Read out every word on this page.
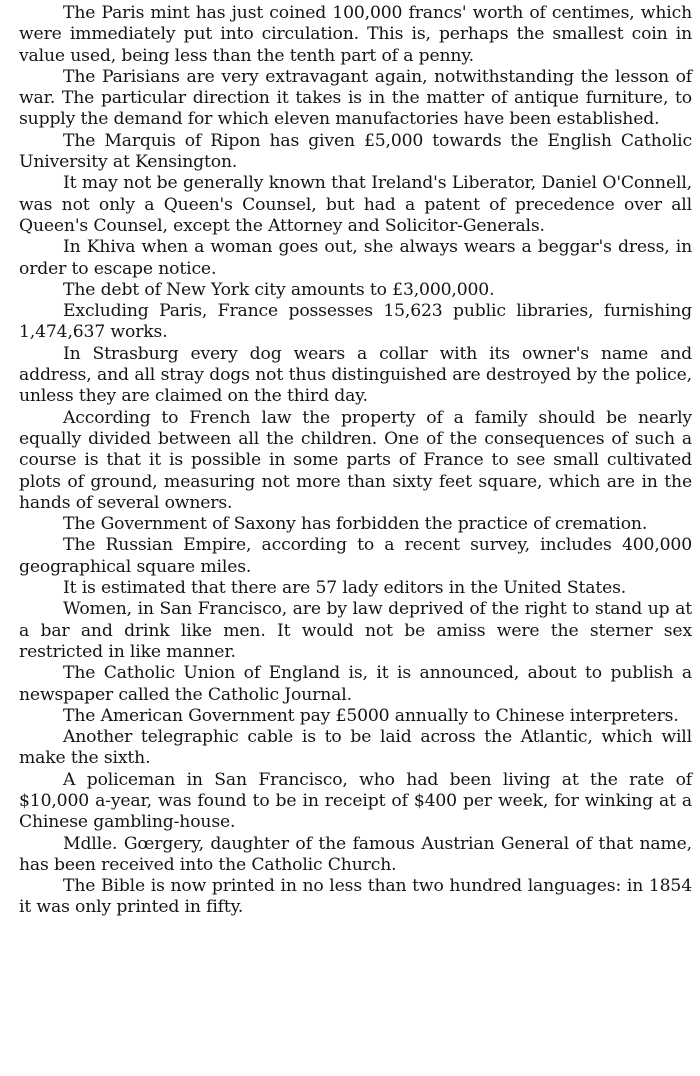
The Paris mint has just coined 100,000 francs' worth of centimes, which were immediately put into circulation. This is, perhaps the smallest coin in value used, being less than the tenth part of a penny.

The Parisians are very extravagant again, notwithstanding the lesson of war. The particular direction it takes is in the matter of antique furniture, to supply the demand for which eleven manufactories have been established.

The Marquis of Ripon has given £5,000 towards the English Catholic University at Kensington.

It may not be generally known that Ireland's Liberator, Daniel O'Connell, was not only a Queen's Counsel, but had a patent of precedence over all Queen's Counsel, except the Attorney and Solicitor-Generals.

In Khiva when a woman goes out, she always wears a beggar's dress, in order to escape notice.

The debt of New York city amounts to £3,000,000.

Excluding Paris, France possesses 15,623 public libraries, furnishing 1,474,637 works.

In Strasburg every dog wears a collar with its owner's name and address, and all stray dogs not thus distinguished are destroyed by the police, unless they are claimed on the third day.

According to French law the property of a family should be nearly equally divided between all the children. One of the consequences of such a course is that it is possible in some parts of France to see small cultivated plots of ground, measuring not more than sixty feet square, which are in the hands of several owners.

The Government of Saxony has forbidden the practice of cremation.

The Russian Empire, according to a recent survey, includes 400,000 geographical square miles.

It is estimated that there are 57 lady editors in the United States.

Women, in San Francisco, are by law deprived of the right to stand up at a bar and drink like men. It would not be amiss were the sterner sex restricted in like manner.

The Catholic Union of England is, it is announced, about to publish a newspaper called the Catholic Journal.

The American Government pay £5000 annually to Chinese interpreters.

Another telegraphic cable is to be laid across the Atlantic, which will make the sixth.

A policeman in San Francisco, who had been living at the rate of $10,000 a-year, was found to be in receipt of $400 per week, for winking at a Chinese gambling-house.

Mdlle. Gœrgery, daughter of the famous Austrian General of that name, has been received into the Catholic Church.

The Bible is now printed in no less than two hundred languages: in 1854 it was only printed in fifty.
